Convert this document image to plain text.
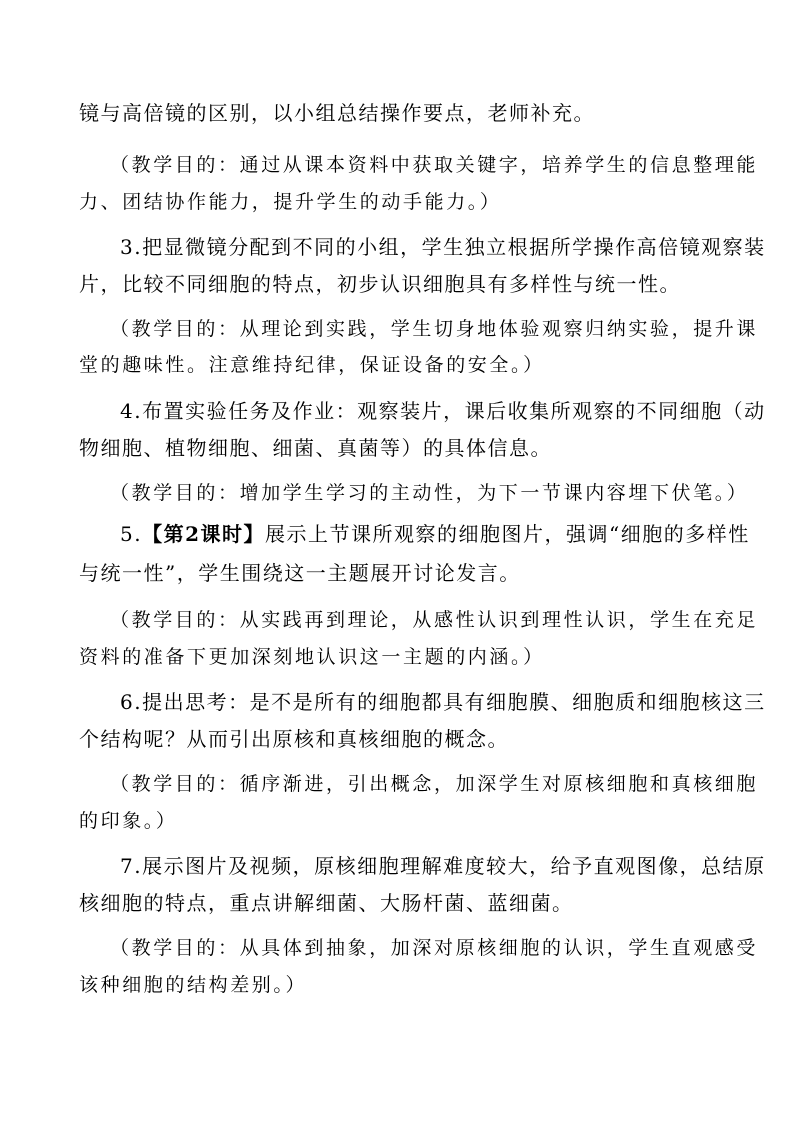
镜与高倍镜的区别，以小组总结操作要点，老师补充。
（教学目的：通过从课本资料中获取关键字，培养学生的信息整理能
力、团结协作能力，提升学生的动手能力。）
3.把显微镜分配到不同的小组，学生独立根据所学操作高倍镜观察装
片，比较不同细胞的特点，初步认识细胞具有多样性与统一性。
（教学目的：从理论到实践，学生切身地体验观察归纳实验，提升课
堂的趣味性。注意维持纪律，保证设备的安全。）
4.布置实验任务及作业：观察装片，课后收集所观察的不同细胞（动
物细胞、植物细胞、细菌、真菌等）的具体信息。
（教学目的：增加学生学习的主动性，为下一节课内容埋下伏笔。）
5.【第2课时】展示上节课所观察的细胞图片，强调“细胞的多样性
与统一性”，学生围绕这一主题展开讨论发言。
（教学目的：从实践再到理论，从感性认识到理性认识，学生在充足
资料的准备下更加深刻地认识这一主题的内涵。）
6.提出思考：是不是所有的细胞都具有细胞膜、细胞质和细胞核这三
个结构呢？从而引出原核和真核细胞的概念。
（教学目的：循序渐进，引出概念，加深学生对原核细胞和真核细胞
的印象。）
7.展示图片及视频，原核细胞理解难度较大，给予直观图像，总结原
核细胞的特点，重点讲解细菌、大肠杆菌、蓝细菌。
（教学目的：从具体到抽象，加深对原核细胞的认识，学生直观感受
该种细胞的结构差别。）
